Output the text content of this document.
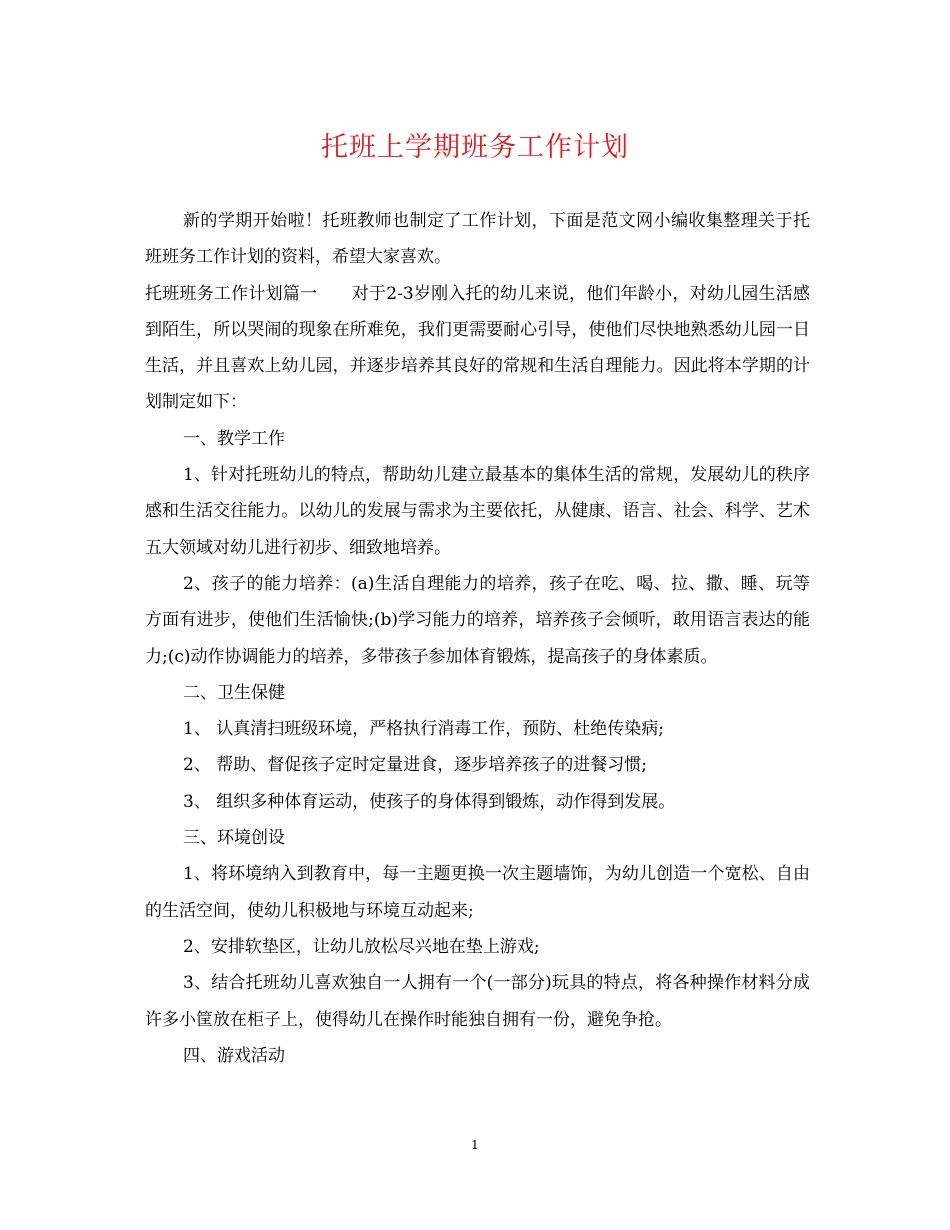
托班上学期班务工作计划

新的学期开始啦！托班教师也制定了工作计划，下面是范文网小编收集整理关于托班班务工作计划的资料，希望大家喜欢。

托班班务工作计划篇一　　对于2-3岁刚入托的幼儿来说，他们年龄小，对幼儿园生活感到陌生，所以哭闹的现象在所难免，我们更需要耐心引导，使他们尽快地熟悉幼儿园一日生活，并且喜欢上幼儿园，并逐步培养其良好的常规和生活自理能力。因此将本学期的计划制定如下：

一、教学工作

1、针对托班幼儿的特点，帮助幼儿建立最基本的集体生活的常规，发展幼儿的秩序感和生活交往能力。以幼儿的发展与需求为主要依托，从健康、语言、社会、科学、艺术五大领域对幼儿进行初步、细致地培养。

2、孩子的能力培养：(a)生活自理能力的培养，孩子在吃、喝、拉、撒、睡、玩等方面有进步，使他们生活愉快;(b)学习能力的培养，培养孩子会倾听，敢用语言表达的能力;(c)动作协调能力的培养，多带孩子参加体育锻炼，提高孩子的身体素质。

二、卫生保健

1、 认真清扫班级环境，严格执行消毒工作，预防、杜绝传染病;

2、 帮助、督促孩子定时定量进食，逐步培养孩子的进餐习惯;

3、 组织多种体育运动，使孩子的身体得到锻炼，动作得到发展。

三、环境创设

1、将环境纳入到教育中，每一主题更换一次主题墙饰，为幼儿创造一个宽松、自由的生活空间，使幼儿积极地与环境互动起来;

2、安排软垫区，让幼儿放松尽兴地在垫上游戏;

3、结合托班幼儿喜欢独自一人拥有一个(一部分)玩具的特点，将各种操作材料分成许多小筐放在柜子上，使得幼儿在操作时能独自拥有一份，避免争抢。

四、游戏活动

1
